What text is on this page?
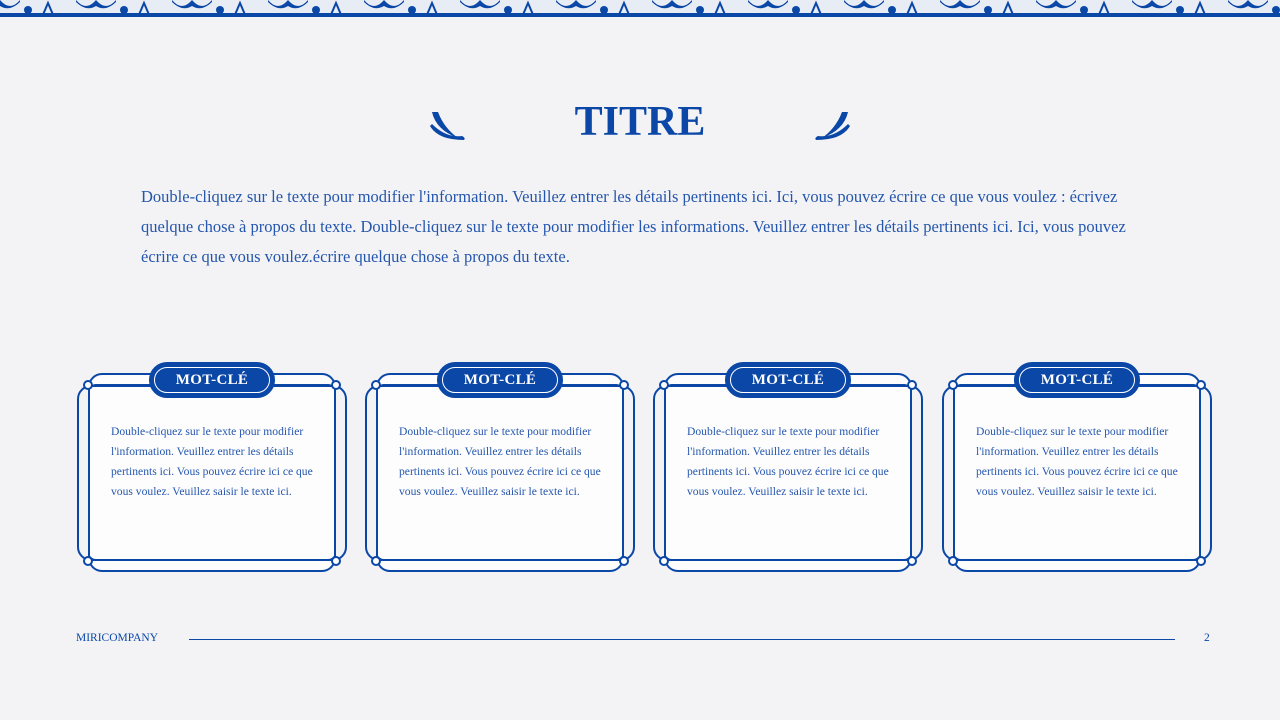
TITRE

Double-cliquez sur le texte pour modifier l'information. Veuillez entrer les détails pertinents ici. Ici, vous pouvez écrire ce que vous voulez : écrivez quelque chose à propos du texte. Double-cliquez sur le texte pour modifier les informations. Veuillez entrer les détails pertinents ici. Ici, vous pouvez écrire ce que vous voulez.écrire quelque chose à propos du texte.

MOT-CLÉ

Double-cliquez sur le texte pour modifier l'information. Veuillez entrer les détails pertinents ici. Vous pouvez écrire ici ce que vous voulez. Veuillez saisir le texte ici.

MOT-CLÉ

Double-cliquez sur le texte pour modifier l'information. Veuillez entrer les détails pertinents ici. Vous pouvez écrire ici ce que vous voulez. Veuillez saisir le texte ici.

MOT-CLÉ

Double-cliquez sur le texte pour modifier l'information. Veuillez entrer les détails pertinents ici. Vous pouvez écrire ici ce que vous voulez. Veuillez saisir le texte ici.

MOT-CLÉ

Double-cliquez sur le texte pour modifier l'information. Veuillez entrer les détails pertinents ici. Vous pouvez écrire ici ce que vous voulez. Veuillez saisir le texte ici.

MIRICOMPANY	2
